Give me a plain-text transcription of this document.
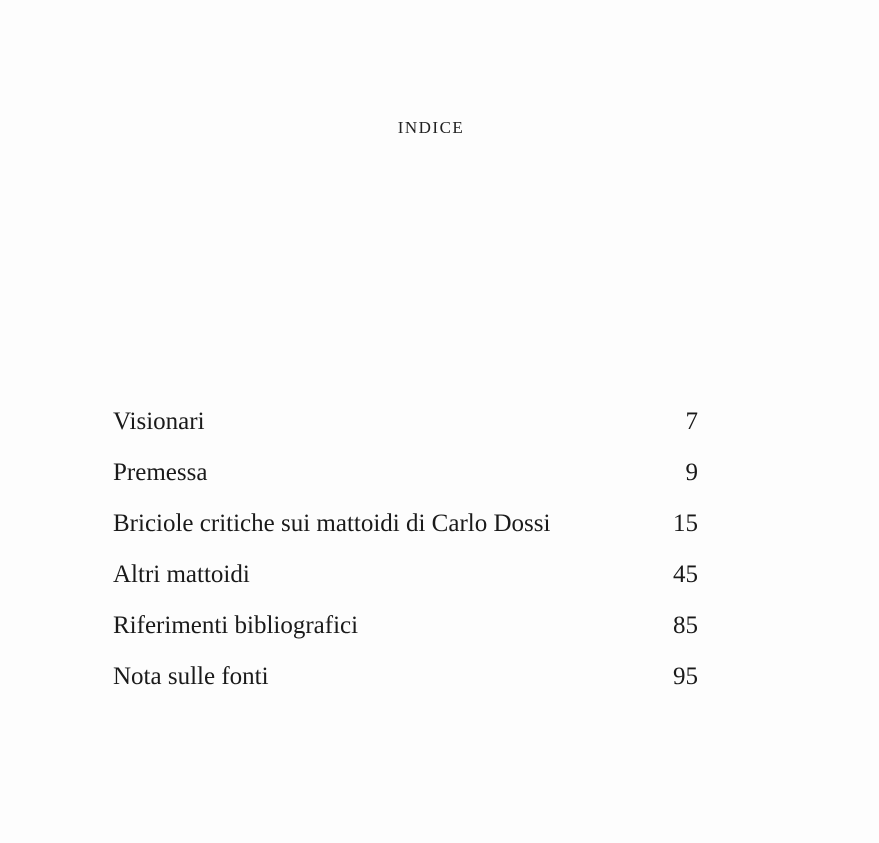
INDICE
Visionari	7
Premessa	9
Briciole critiche sui mattoidi di Carlo Dossi	15
Altri mattoidi	45
Riferimenti bibliografici	85
Nota sulle fonti	95
